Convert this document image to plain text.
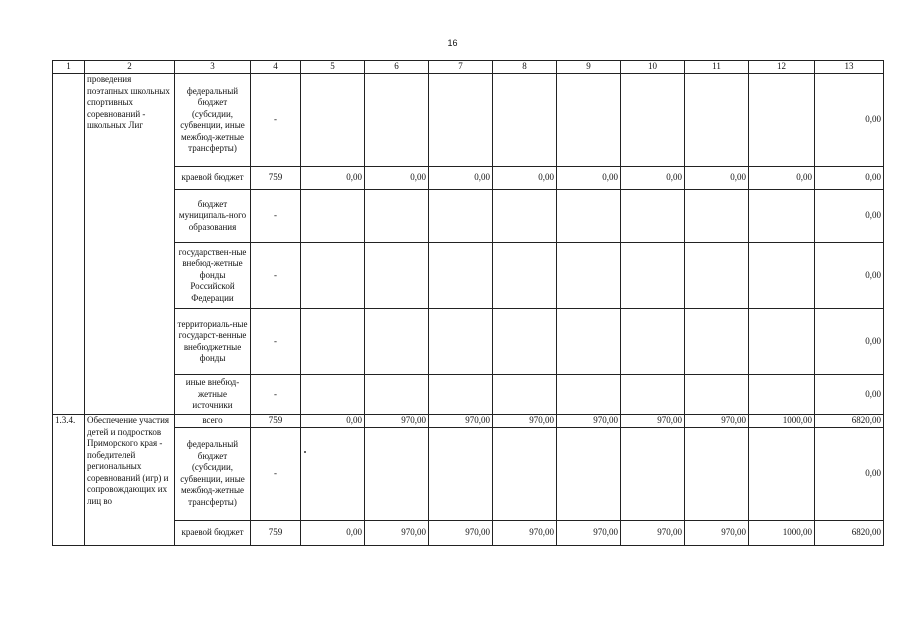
16
1	2	3	4	5	6	7	8	9	10	11	12	13
	проведения поэтапных школьных спортивных соревнований - школьных Лиг	федеральный бюджет (субсидии, субвенции, иные межбюд-жетные трансферты)	-									0,00
		краевой бюджет	759	0,00	0,00	0,00	0,00	0,00	0,00	0,00	0,00	0,00
		бюджет муниципаль-ного образования	-									0,00
		государствен-ные внебюд-жетные фонды Российской Федерации	-									0,00
		территориаль-ные государст-венные внебюджетные фонды	-									0,00
		иные внебюд-жетные источники	-									0,00
1.3.4.	Обеспечение участия детей и подростков Приморского края - победителей региональных соревнований (игр) и сопровождающих их лиц во	всего	759	0,00	970,00	970,00	970,00	970,00	970,00	970,00	1000,00	6820,00
		федеральный бюджет (субсидии, субвенции, иные межбюд-жетные трансферты)	-									0,00
		краевой бюджет	759	0,00	970,00	970,00	970,00	970,00	970,00	970,00	1000,00	6820,00
